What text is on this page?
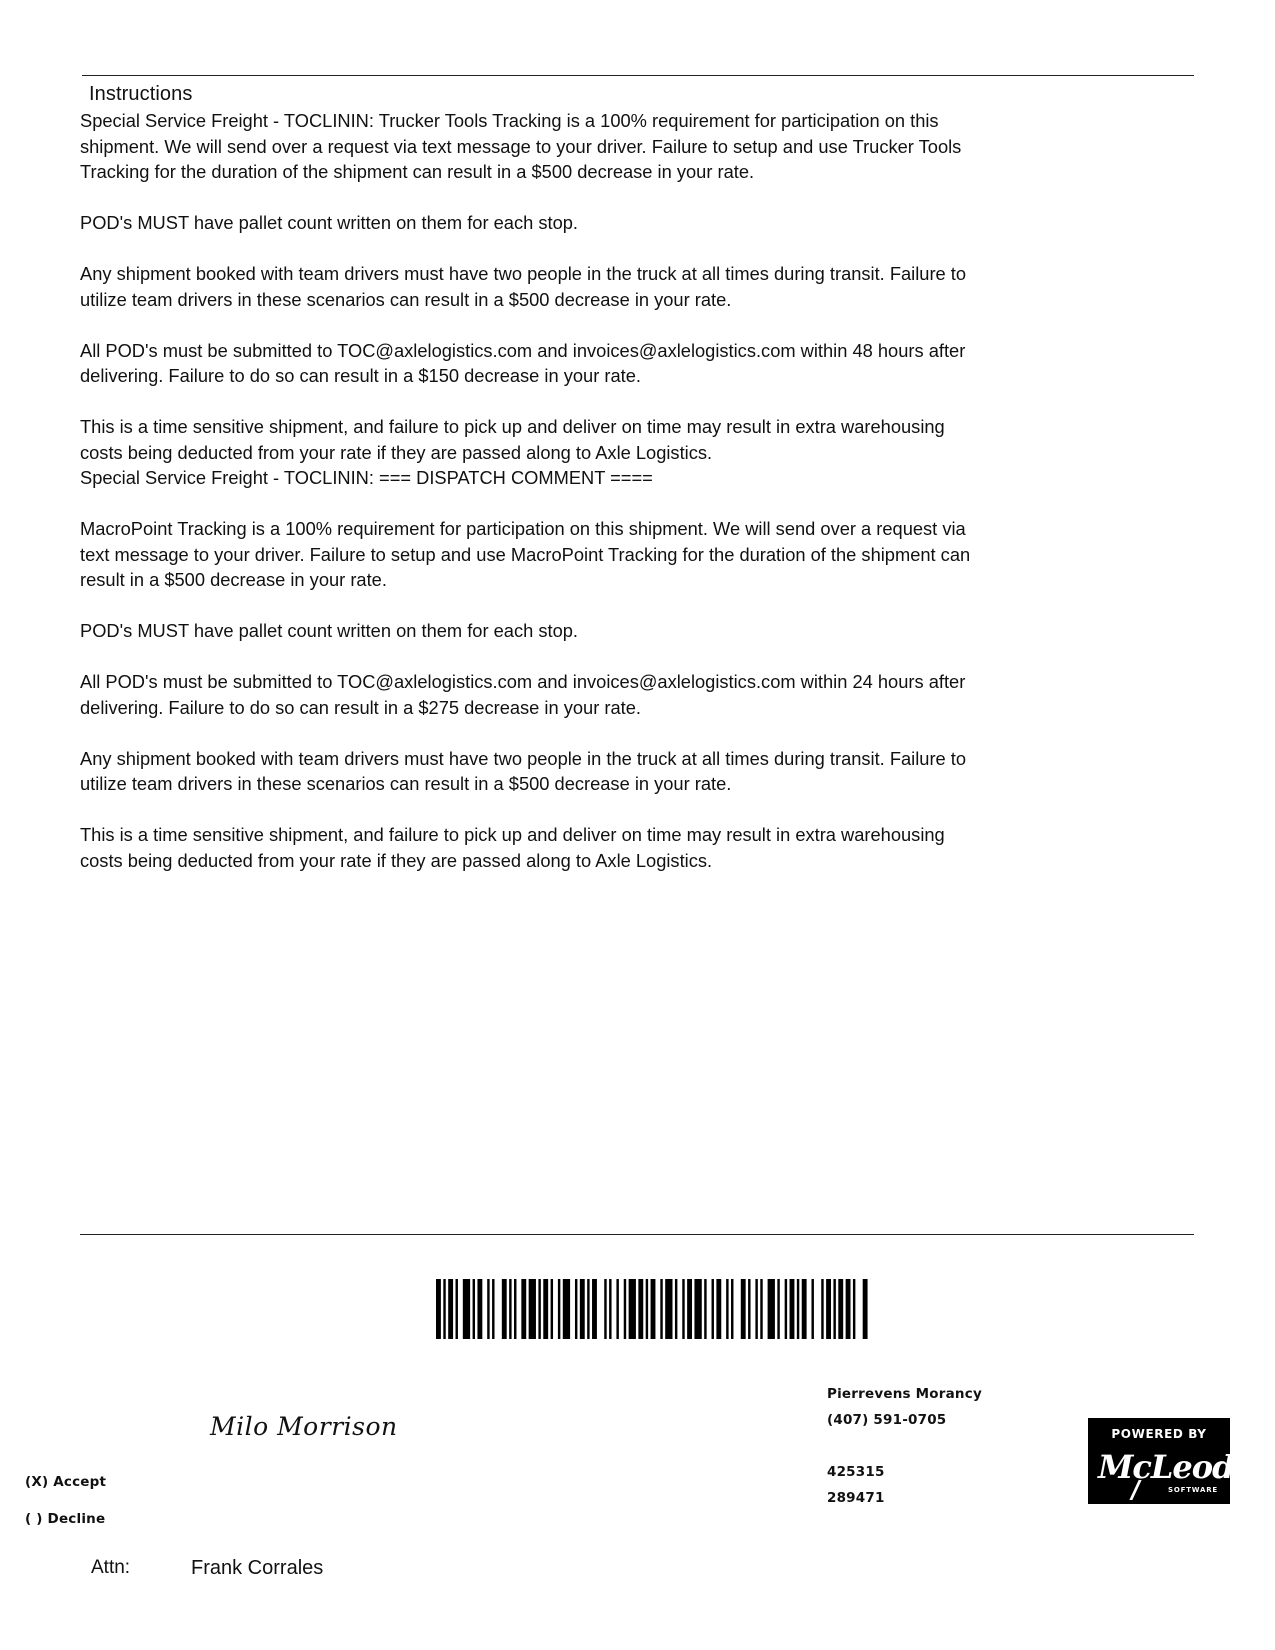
Instructions

Special Service Freight - TOCLININ: Trucker Tools Tracking is a 100% requirement for participation on this
shipment. We will send over a request via text message to your driver. Failure to setup and use Trucker Tools
Tracking for the duration of the shipment can result in a $500 decrease in your rate.

POD's MUST have pallet count written on them for each stop.

Any shipment booked with team drivers must have two people in the truck at all times during transit. Failure to
utilize team drivers in these scenarios can result in a $500 decrease in your rate.

All POD's must be submitted to TOC@axlelogistics.com and invoices@axlelogistics.com within 48 hours after
delivering. Failure to do so can result in a $150 decrease in your rate.

This is a time sensitive shipment, and failure to pick up and deliver on time may result in extra warehousing
costs being deducted from your rate if they are passed along to Axle Logistics.
Special Service Freight - TOCLININ: === DISPATCH COMMENT ====

MacroPoint Tracking is a 100% requirement for participation on this shipment. We will send over a request via
text message to your driver. Failure to setup and use MacroPoint Tracking for the duration of the shipment can
result in a $500 decrease in your rate.

POD's MUST have pallet count written on them for each stop.

All POD's must be submitted to TOC@axlelogistics.com and invoices@axlelogistics.com within 24 hours after
delivering. Failure to do so can result in a $275 decrease in your rate.

Any shipment booked with team drivers must have two people in the truck at all times during transit. Failure to
utilize team drivers in these scenarios can result in a $500 decrease in your rate.

This is a time sensitive shipment, and failure to pick up and deliver on time may result in extra warehousing
costs being deducted from your rate if they are passed along to Axle Logistics.

Milo Morrison
(X) Accept
( ) Decline
Attn:	Frank Corrales
Pierrevens Morancy
(407) 591-0705
425315
289471
POWERED BY
McLeod
SOFTWARE
